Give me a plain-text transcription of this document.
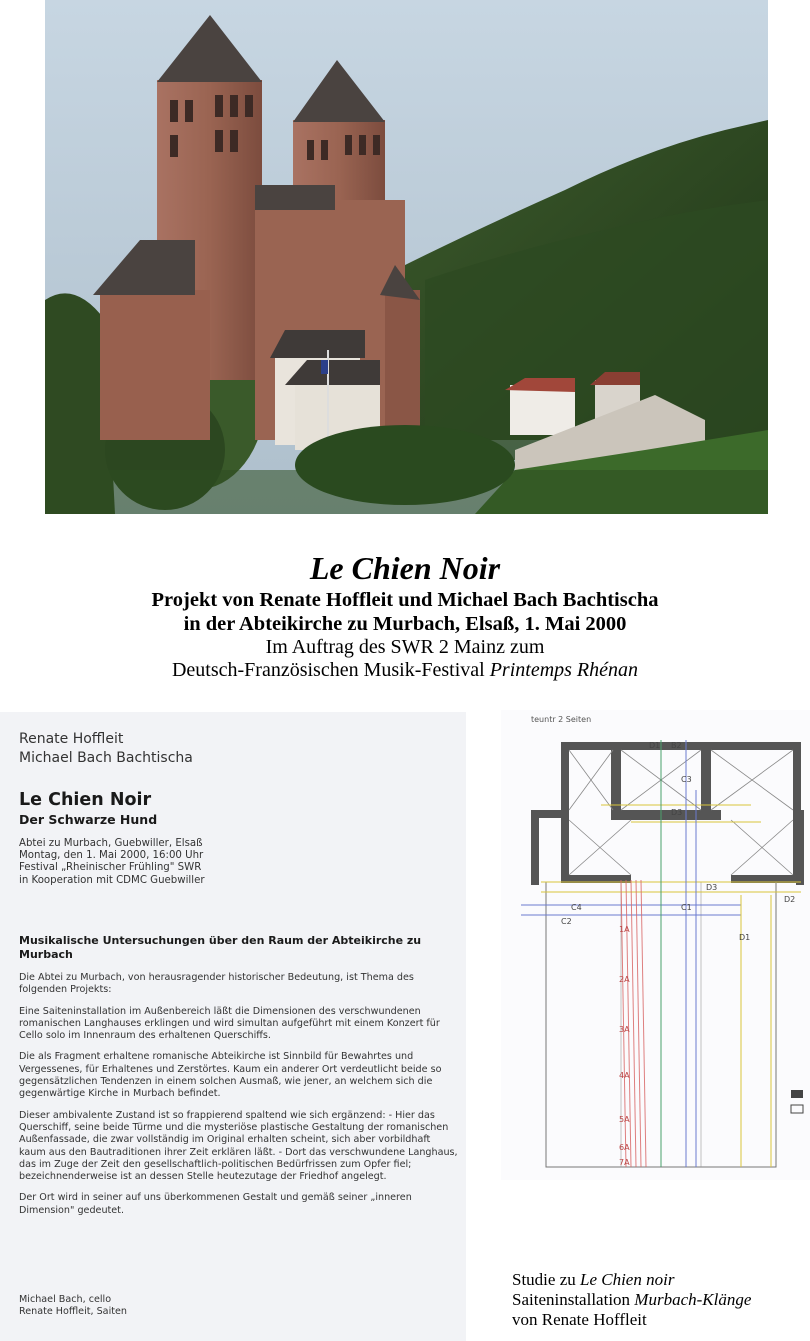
Le Chien Noir
Projekt von Renate Hoffleit und Michael Bach Bachtischa
in der Abteikirche zu Murbach, Elsaß, 1. Mai 2000
Im Auftrag des SWR 2 Mainz zum
Deutsch-Französischen Musik-Festival Printemps Rhénan
Renate Hoffleit
Michael Bach Bachtischa
Le Chien Noir
Der Schwarze Hund
Abtei zu Murbach, Guebwiller, Elsaß
Montag, den 1. Mai 2000, 16:00 Uhr
Festival „Rheinischer Frühling" SWR
in Kooperation mit CDMC Guebwiller
Musikalische Untersuchungen über den Raum der Abteikirche zu Murbach

Die Abtei zu Murbach, von herausragender historischer Bedeutung, ist Thema des folgenden Projekts:

Eine Saiteninstallation im Außenbereich läßt die Dimensionen des verschwundenen romanischen Langhauses erklingen und wird simultan aufgeführt mit einem Konzert für Cello solo im Innenraum des erhaltenen Querschiffs.

Die als Fragment erhaltene romanische Abteikirche ist Sinnbild für Bewahrtes und Vergessenes, für Erhaltenes und Zerstörtes. Kaum ein anderer Ort verdeutlicht beide so gegensätzlichen Tendenzen in einem solchen Ausmaß, wie jener, an welchem sich die gegenwärtige Kirche in Murbach befindet.

Dieser ambivalente Zustand ist so frappierend spaltend wie sich ergänzend: - Hier das Querschiff, seine beide Türme und die mysteriöse plastische Gestaltung der romanischen Außenfassade, die zwar vollständig im Original erhalten scheint, sich aber vorbildhaft kaum aus den Bautraditionen ihrer Zeit erklären läßt. - Dort das verschwundene Langhaus, das im Zuge der Zeit den gesellschaftlich-politischen Bedürfrissen zum Opfer fiel; bezeichnenderweise ist an dessen Stelle heutezutage der Friedhof angelegt.

Der Ort wird in seiner auf uns überkommenen Gestalt und gemäß seiner „inneren Dimension" gedeutet.

Michael Bach, cello
Renate Hoffleit, Saiten
teuntr 2 Seiten
D1 B2
C3
D3
D3
D2
C4	C1
C2
D1
1A
2A
3A
4A
5A
6A
7A
Studie zu Le Chien noir
Saiteninstallation Murbach-Klänge
von Renate Hoffleit
